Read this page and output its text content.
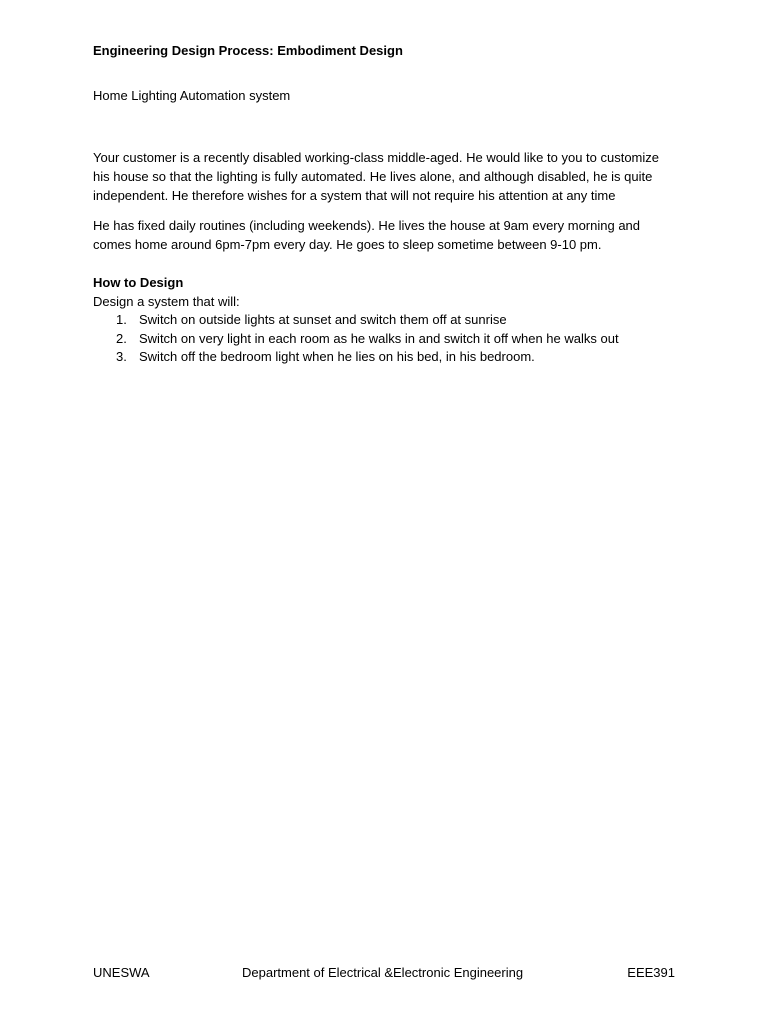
Engineering Design Process: Embodiment Design

Home Lighting Automation system

Your customer is a recently disabled working-class middle-aged. He would like to you to customize his house so that the lighting is fully automated. He lives alone, and although disabled, he is quite independent. He therefore wishes for a system that will not require his attention at any time

He has fixed daily routines (including weekends). He lives the house at 9am every morning and comes home around 6pm-7pm every day. He goes to sleep sometime between 9-10 pm.

How to Design

Design a system that will:

1. Switch on outside lights at sunset and switch them off at sunrise
2. Switch on very light in each room as he walks in and switch it off when he walks out
3. Switch off the bedroom light when he lies on his bed, in his bedroom.
UNESWA	Department of Electrical &Electronic Engineering	EEE391
